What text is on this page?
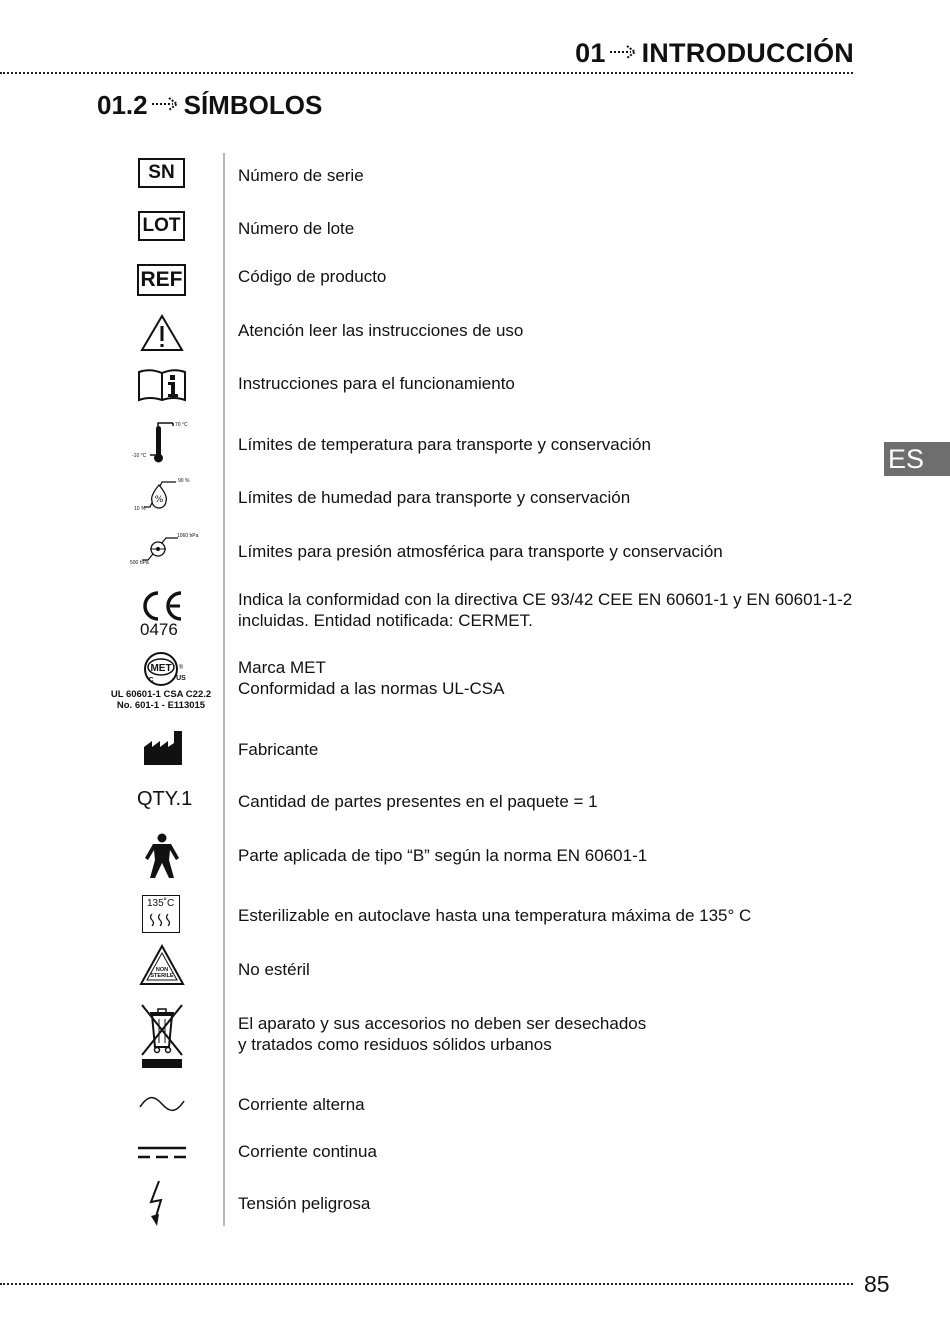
01 INTRODUCCIÓN
01.2 SÍMBOLOS
ES
SN	Número de serie
LOT	Número de lote
REF	Código de producto
Atención leer las instrucciones de uso
Instrucciones para el funcionamiento
70 °C
-10 °C
Límites de temperatura para transporte y conservación
%
90 %
10 %
Límites de humedad para transporte y conservación
1060 hPa
500 hPa
Límites para presión atmosférica para transporte y conservación
0476
Indica la conformidad con la directiva CE 93/42 CEE EN 60601-1 y EN 60601-1-2
incluidas. Entidad notificada: CERMET.
MET
C	US
®
UL 60601-1 CSA C22.2
No. 601-1 - E113015
Marca MET
Conformidad a las normas UL-CSA
Fabricante
QTY.1	Cantidad de partes presentes en el paquete = 1
Parte aplicada de tipo “B” según la norma EN 60601-1
135˚C
Esterilizable en autoclave hasta una temperatura máxima de 135° C
NON
STERILE	No estéril
El aparato y sus accesorios no deben ser desechados
y tratados como residuos sólidos urbanos
Corriente alterna
Corriente continua
Tensión peligrosa
85
